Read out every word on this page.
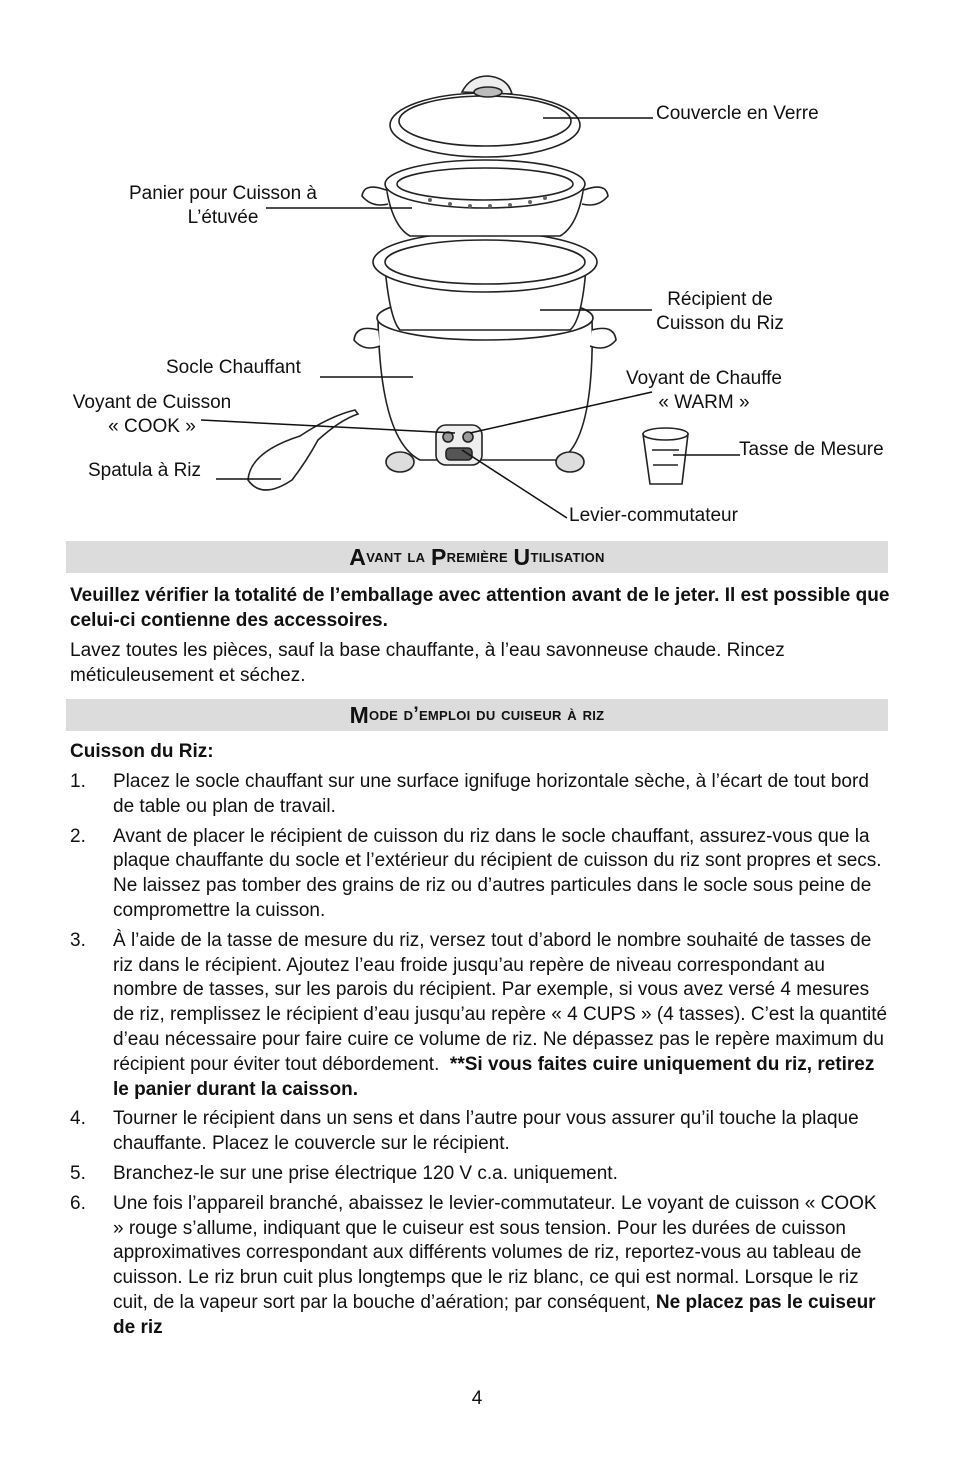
Couvercle en Verre
Panier pour Cuisson à
L’étuvée
Récipient de
Cuisson du Riz
Socle Chauffant
Voyant de Chauffe
« WARM »
Voyant de Cuisson
« COOK »
Tasse de Mesure
Spatula à Riz
Levier-commutateur
A vant la
P remière
U tilisation
Veuillez vérifier la totalité de l’emballage avec attention avant de le jeter. Il est possible que celui-ci contienne des accessoires.
Lavez toutes les pièces, sauf la base chauffante, à l’eau savonneuse chaude. Rincez méticuleusement et séchez.
M ode d’emploi du cuiseur à riz
Cuisson du Riz:
1. Placez le socle chauffant sur une surface ignifuge horizontale sèche, à l’écart de tout bord de table ou plan de travail.
2. Avant de placer le récipient de cuisson du riz dans le socle chauffant, assurez-vous que la plaque chauffante du socle et l’extérieur du récipient de cuisson du riz sont propres et secs. Ne laissez pas tomber des grains de riz ou d’autres particules dans le socle sous peine de compromettre la cuisson.
3. À l’aide de la tasse de mesure du riz, versez tout d’abord le nombre souhaité de tasses de riz dans le récipient. Ajoutez l’eau froide jusqu’au repère de niveau correspondant au nombre de tasses, sur les parois du récipient. Par exemple, si vous avez versé 4 mesures de riz, remplissez le récipient d’eau jusqu’au repère « 4 CUPS » (4 tasses). C’est la quantité d’eau nécessaire pour faire cuire ce volume de riz. Ne dépassez pas le repère maximum du récipient pour éviter tout débordement. **Si vous faites cuire uniquement du riz, retirez le panier durant la caisson.
4. Tourner le récipient dans un sens et dans l’autre pour vous assurer qu’il touche la plaque chauffante. Placez le couvercle sur le récipient.
5. Branchez-le sur une prise électrique 120 V c.a. uniquement.
6. Une fois l’appareil branché, abaissez le levier-commutateur. Le voyant de cuisson « COOK » rouge s’allume, indiquant que le cuiseur est sous tension. Pour les durées de cuisson approximatives correspondant aux différents volumes de riz, reportez-vous au tableau de cuisson. Le riz brun cuit plus longtemps que le riz blanc, ce qui est normal. Lorsque le riz cuit, de la vapeur sort par la bouche d’aération; par conséquent, Ne placez pas le cuiseur de riz
4
